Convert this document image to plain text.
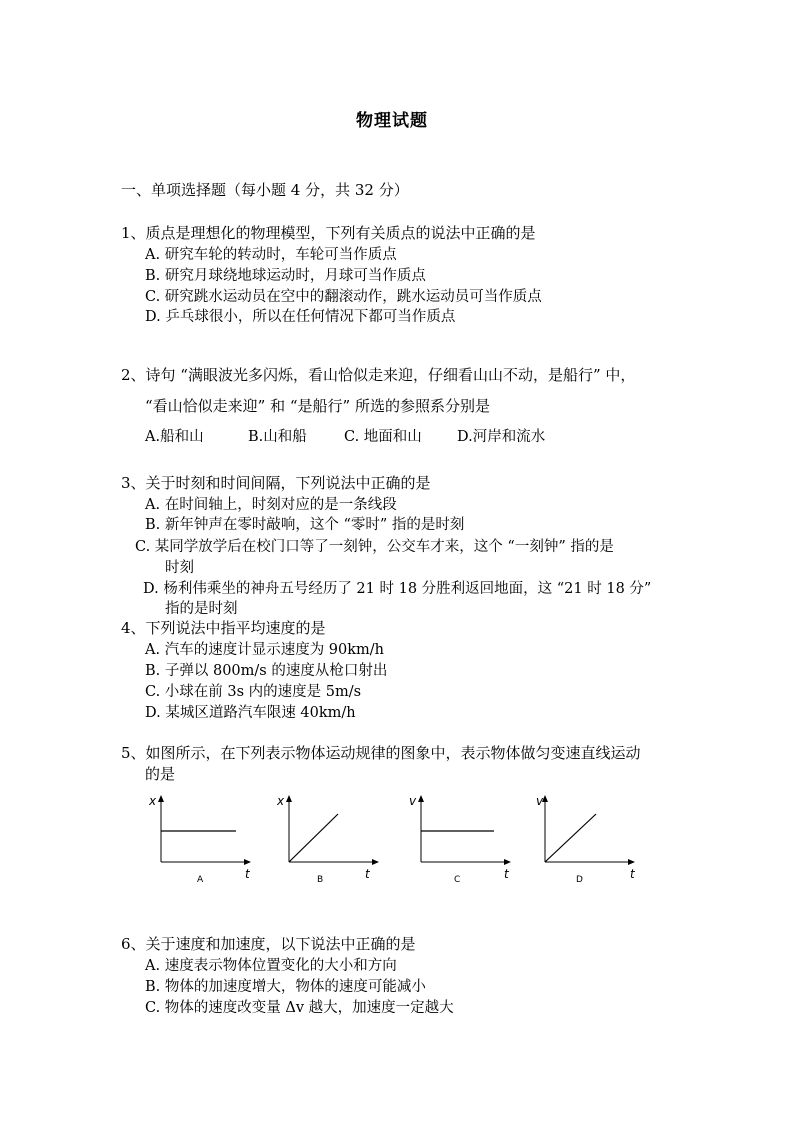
物理试题
一、单项选择题（每小题 4 分，共 32 分）
1、质点是理想化的物理模型，下列有关质点的说法中正确的是
A. 研究车轮的转动时，车轮可当作质点
B. 研究月球绕地球运动时，月球可当作质点
C. 研究跳水运动员在空中的翻滚动作，跳水运动员可当作质点
D. 乒乓球很小，所以在任何情况下都可当作质点
2、诗句 “满眼波光多闪烁，看山恰似走来迎，仔细看山山不动，是船行” 中，
“看山恰似走来迎” 和 “是船行” 所选的参照系分别是
A.船和山	B.山和船	C. 地面和山 D.河岸和流水
3、关于时刻和时间间隔，下列说法中正确的是
A. 在时间轴上，时刻对应的是一条线段
B. 新年钟声在零时敲响，这个 “零时” 指的是时刻
C. 某同学放学后在校门口等了一刻钟，公交车才来，这个 “一刻钟” 指的是
时刻
D. 杨利伟乘坐的神舟五号经历了 21 时 18 分胜利返回地面，这 “21 时 18 分”
指的是时刻
4、下列说法中指平均速度的是
A. 汽车的速度计显示速度为 90km/h
B. 子弹以 800m/s 的速度从枪口射出
C. 小球在前 3s 内的速度是 5m/s
D. 某城区道路汽车限速 40km/h
5、如图所示，在下列表示物体运动规律的图象中，表示物体做匀变速直线运动
的是
x
t
A
x
t
B
v
t
C
v
t
D
6、关于速度和加速度，以下说法中正确的是
A. 速度表示物体位置变化的大小和方向
B. 物体的加速度增大，物体的速度可能减小
C. 物体的速度改变量 Δv 越大，加速度一定越大
